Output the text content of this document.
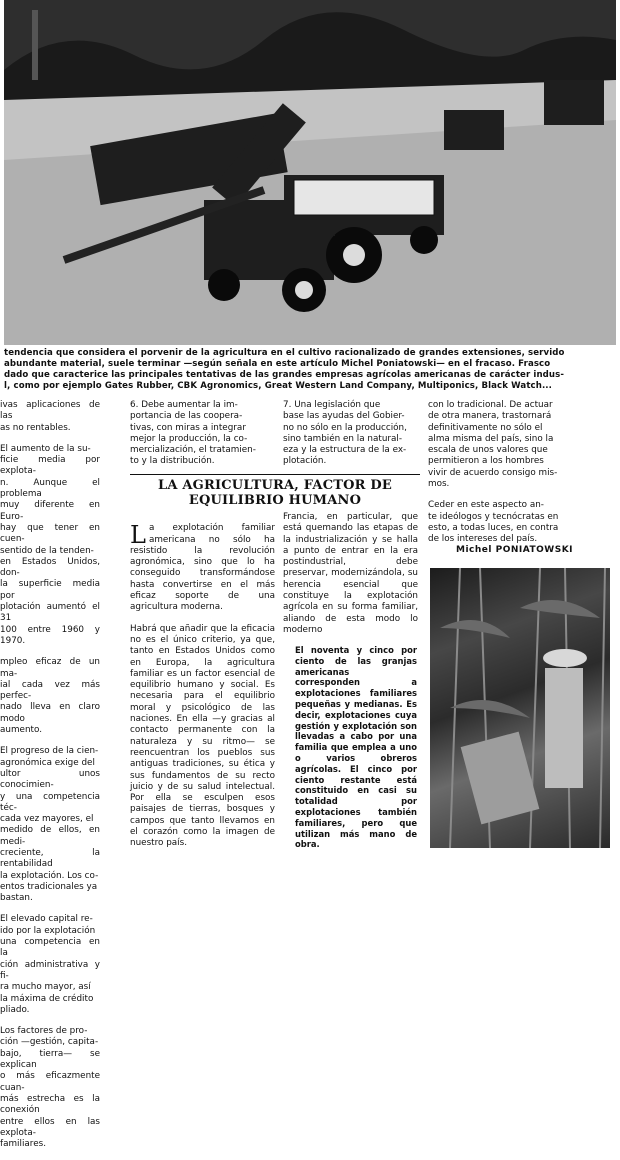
tendencia que considera el porvenir de la agricultura en el cultivo racionalizado de grandes extensiones, servido
abundante material, suele terminar —según señala en este artículo Michel Poniatowski— en el fracaso. Frasco
dado que caracterice las principales tentativas de las grandes empresas agrícolas americanas de carácter indus-
l, como por ejemplo Gates Rubber, CBK Agronomics, Great Western Land Company, Multiponics, Black Watch...

ivas aplicaciones de las
as no rentables.

El aumento de la su-
ficie media por explota-
n. Aunque el problema
muy diferente en Euro-
hay que tener en cuen-
sentido de la tenden-
en Estados Unidos, don-
la superficie media por
plotación aumentó el 31
100 entre 1960 y 1970.

mpleo eficaz de un ma-
ial cada vez más perfec-
nado lleva en claro modo
aumento.

El progreso de la cien-
agronómica exige del
ultor unos conocimien-
y una competencia téc-
cada vez mayores, el
medido de ellos, en medi-
creciente, la rentabilidad
la explotación. Los co-
entos tradicionales ya
bastan.

El elevado capital re-
ido por la explotación
una competencia en la
ción administrativa y fi-
ra mucho mayor, así
la máxima de crédito
pliado.

Los factores de pro-
ción —gestión, capita-
bajo, tierra— se explican
o más eficazmente cuan-
más estrecha es la conexión
entre ellos en las explota-
familiares.

6. Debe aumentar la im-
portancia de las coopera-
tivas, con miras a integrar
mejor la producción, la co-
mercialización, el tratamien-
to y la distribución.

7. Una legislación que
base las ayudas del Gobier-
no no sólo en la producción,
sino también en la natural-
eza y la estructura de la ex-
plotación.

con lo tradicional. De actuar
de otra manera, trastornará
definitivamente no sólo el
alma misma del país, sino la
escala de unos valores que
permitieron a los hombres
vivir de acuerdo consigo mis-
mos.

Ceder en este aspecto an-
te ideólogos y tecnócratas en
esto, a todas luces, en contra
de los intereses del país.

Michel PONIATOWSKI
LA AGRICULTURA, FACTOR DE EQUILIBRIO HUMANO

La explotación familiar americana no sólo ha resistido la revolución agronómica, sino que lo ha conseguido transformándose hasta convertirse en el más eficaz soporte de una agricultura moderna.

Habrá que añadir que la eficacia no es el único criterio, ya que, tanto en Estados Unidos como en Europa, la agricultura familiar es un factor esencial de equilibrio humano y social. Es necesaria para el equilibrio moral y psicológico de las naciones. En ella —y gracias al contacto permanente con la naturaleza y su ritmo— se reencuentran los pueblos sus antiguas tradiciones, su ética y sus fundamentos de su recto juicio y de su salud intelectual. Por ella se esculpen esos paisajes de tierras, bosques y campos que tanto llevamos en el corazón como la imagen de nuestro país.

Francia, en particular, que está quemando las etapas de la industrialización y se halla a punto de entrar en la era postindustrial, debe preservar, modernizándola, su herencia esencial que constituye la explotación agrícola en su forma familiar, aliando de esta modo lo moderno

El noventa y cinco por ciento de las granjas americanas corresponden a explotaciones familiares pequeñas y medianas. Es decir, explotaciones cuya gestión y explotación son llevadas a cabo por una familia que emplea a uno o varios obreros agrícolas. El cinco por ciento restante está constituido en casi su totalidad por explotaciones también familiares, pero que utilizan más mano de obra.
